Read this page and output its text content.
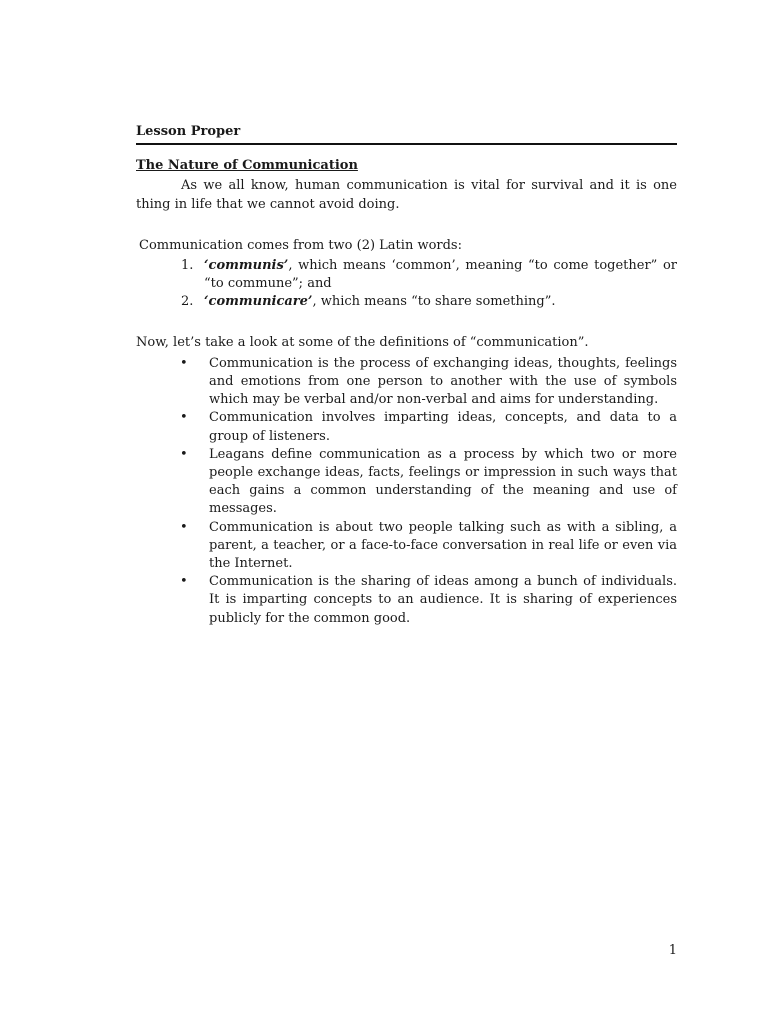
Lesson Proper
The Nature of Communication

As we all know, human communication is vital for survival and it is one thing in life that we cannot avoid doing.

Communication comes from two (2) Latin words:

1. ‘communis’, which means ‘common’, meaning “to come together” or “to commune”; and
2. ‘communicare’, which means “to share something”.

Now, let’s take a look at some of the definitions of “communication”.

• Communication is the process of exchanging ideas, thoughts, feelings and emotions from one person to another with the use of symbols which may be verbal and/or non-verbal and aims for understanding.
• Communication involves imparting ideas, concepts, and data to a group of listeners.
• Leagans define communication as a process by which two or more people exchange ideas, facts, feelings or impression in such ways that each gains a common understanding of the meaning and use of messages.
• Communication is about two people talking such as with a sibling, a parent, a teacher, or a face-to-face conversation in real life or even via the Internet.
• Communication is the sharing of ideas among a bunch of individuals. It is imparting concepts to an audience. It is sharing of experiences publicly for the common good.
1
